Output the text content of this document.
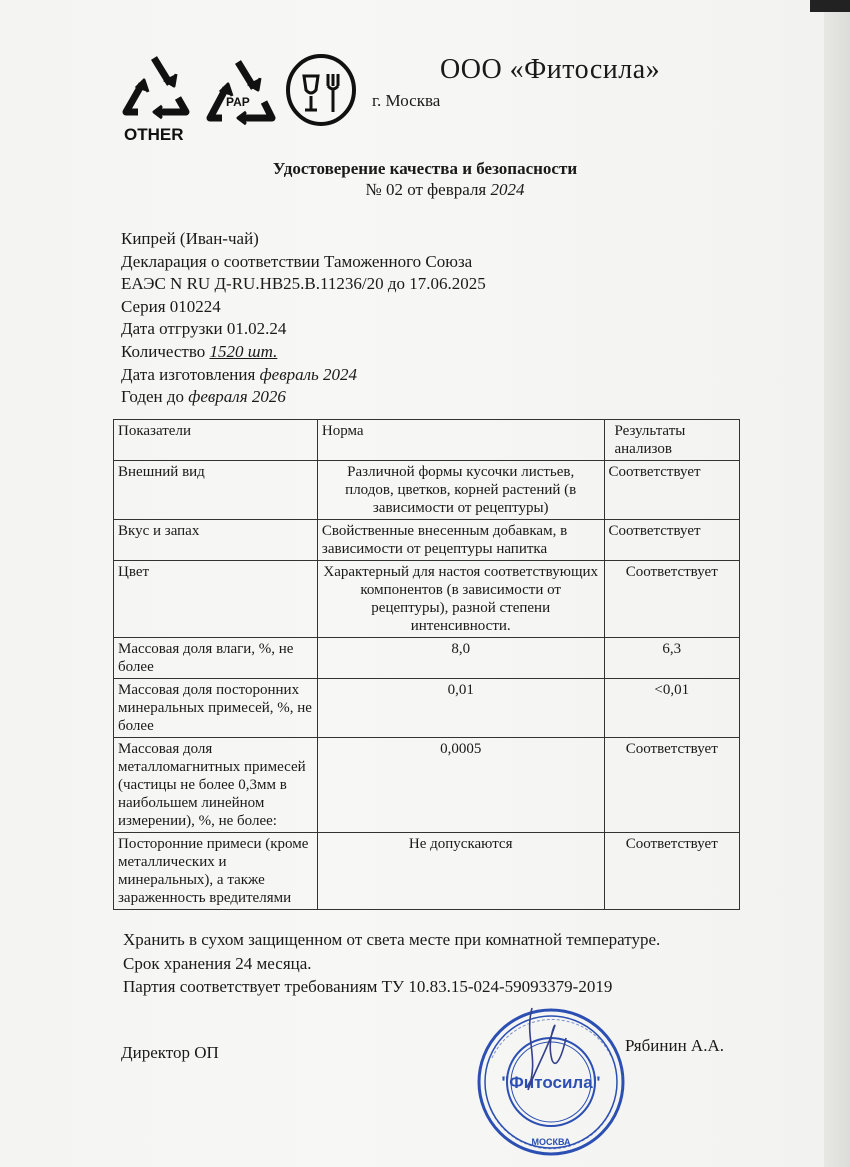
OTHER
PAP
ООО «Фитосила»
г. Москва
Удостоверение качества и безопасности
№ 02 от февраля 2024
Кипрей (Иван-чай)
Декларация о соответствии Таможенного Союза
ЕАЭС N RU Д-RU.НВ25.В.11236/20 до 17.06.2025
Серия 010224
Дата отгрузки 01.02.24
Количество 1520 шт.
Дата изготовления февраль 2024
Годен до февраля 2026
Показатели	Норма	Результаты анализов
Внешний вид	Различной формы кусочки листьев, плодов, цветков, корней растений (в зависимости от рецептуры)	Соответствует
Вкус и запах	Свойственные внесенным добавкам, в зависимости от рецептуры напитка	Соответствует
Цвет	Характерный для настоя соответствующих компонентов (в зависимости от рецептуры), разной степени интенсивности.	Соответствует
Массовая доля влаги, %, не более	8,0	6,3
Массовая доля посторонних минеральных примесей, %, не более	0,01	<0,01
Массовая доля металломагнитных примесей (частицы не более 0,3мм в наибольшем линейном измерении), %, не более:	0,0005	Соответствует
Посторонние примеси (кроме металлических и минеральных), а также зараженность вредителями	Не допускаются	Соответствует
Хранить в сухом защищенном от света месте при комнатной температуре.
Срок хранения 24 месяца.
Партия соответствует требованиям ТУ 10.83.15-024-59093379-2019
"Фитосила"
МОСКВА
Директор ОП	Рябинин А.А.
